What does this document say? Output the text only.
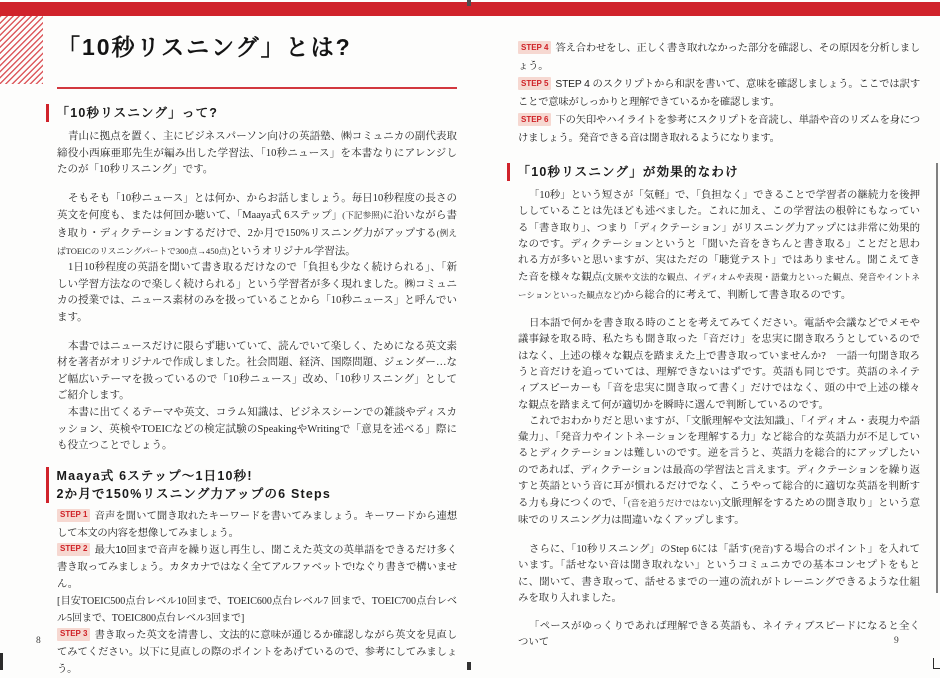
「10秒リスニング」とは?
「10秒リスニング」って?

青山に拠点を置く、主にビジネスパーソン向けの英語塾、㈱コミュニカの副代表取締役小西麻亜耶先生が編み出した学習法、「10秒ニュース」を本書なりにアレンジしたのが「10秒リスニング」です。

そもそも「10秒ニュース」とは何か、からお話しましょう。毎日10秒程度の長さの英文を何度も、または何回か聴いて、「Maaya式 6ステップ」(下記参照)に沿いながら書き取り・ディクテーションするだけで、2か月で150%リスニング力がアップする(例えばTOEICのリスニングパートで300点→450点)というオリジナル学習法。

1日10秒程度の英語を聞いて書き取るだけなので「負担も少なく続けられる」、「新しい学習方法なので楽しく続けられる」という学習者が多く現れました。㈱コミュニカの授業では、ニュース素材のみを扱っていることから「10秒ニュース」と呼んでいます。

本書ではニュースだけに限らず聴いていて、読んでいて楽しく、ためになる英文素材を著者がオリジナルで作成しました。社会問題、経済、国際問題、ジェンダー…など幅広いテーマを扱っているので「10秒ニュース」改め、「10秒リスニング」としてご紹介します。

本書に出てくるテーマや英文、コラム知識は、ビジネスシーンでの雑談やディスカッション、英検やTOEICなどの検定試験のSpeakingやWritingで「意見を述べる」際にも役立つことでしょう。

Maaya式 6ステップ〜1日10秒!
2か月で150%リスニング力アップの6 Steps

STEP 1 音声を聞いて聞き取れたキーワードを書いてみましょう。キーワードから連想して本文の内容を想像してみましょう。

STEP 2 最大10回まで音声を繰り返し再生し、聞こえた英文の英単語をできるだけ多く書き取ってみましょう。カタカナではなく全てアルファベットで!なぐり書きで構いません。

[目安TOEIC500点台レベル10回まで、TOEIC600点台レベル7 回まで、TOEIC700点台レベル5回まで、TOEIC800点台レベル3回まで]

STEP 3 書き取った英文を清書し、文法的に意味が通じるか確認しながら英文を見直してみてください。以下に見直しの際のポイントをあげているので、参考にしてみましょう。

STEP 4 答え合わせをし、正しく書き取れなかった部分を確認し、その原因を分析しましょう。

STEP 5 STEP 4 のスクリプトから和訳を書いて、意味を確認しましょう。ここでは訳すことで意味がしっかりと理解できているかを確認します。

STEP 6 下の矢印やハイライトを参考にスクリプトを音読し、単語や音のリズムを身につけましょう。発音できる音は聞き取れるようになります。

「10秒リスニング」が効果的なわけ

「10秒」という短さが「気軽」で、「負担なく」できることで学習者の継続力を後押ししていることは先ほども述べました。これに加え、この学習法の根幹にもなっている「書き取り」、つまり「ディクテーション」がリスニング力アップには非常に効果的なのです。ディクテーションというと「聞いた音をきちんと書き取る」ことだと思われる方が多いと思いますが、実はただの「聴覚テスト」ではありません。聞こえてきた音を様々な観点(文脈や文法的な観点、イディオムや表現・語彙力といった観点、発音やイントネーションといった観点など)から総合的に考えて、判断して書き取るのです。

日本語で何かを書き取る時のことを考えてみてください。電話や会議などでメモや議事録を取る時、私たちも聞き取った「音だけ」を忠実に聞き取ろうとしているのではなく、上述の様々な観点を踏まえた上で書き取っていませんか?　一語一句聞き取ろうと音だけを追っていては、理解できないはずです。英語も同じです。英語のネイティブスピーカーも「音を忠実に聞き取って書く」だけではなく、頭の中で上述の様々な観点を踏まえて何が適切かを瞬時に選んで判断しているのです。

これでおわかりだと思いますが、「文脈理解や文法知識」、「イディオム・表現力や語彙力」、「発音力やイントネーションを理解する力」など総合的な英語力が不足しているとディクテーションは難しいのです。逆を言うと、英語力を総合的にアップしたいのであれば、ディクテーションは最高の学習法と言えます。ディクテーションを繰り返すと英語という音に耳が慣れるだけでなく、こうやって総合的に適切な英語を判断する力も身につくので、「(音を追うだけではない)文脈理解をするための聞き取り」という意味でのリスニング力は間違いなくアップします。

さらに、「10秒リスニング」のStep 6には「話す(発音)する場合のポイント」を入れています。「話せない音は聞き取れない」というコミュニカでの基本コンセプトをもとに、聞いて、書き取って、話せるまでの一連の流れがトレーニングできるような仕組みを取り入れました。

「ペースがゆっくりであれば理解できる英語も、ネイティブスピードになると全くついて

8	9
